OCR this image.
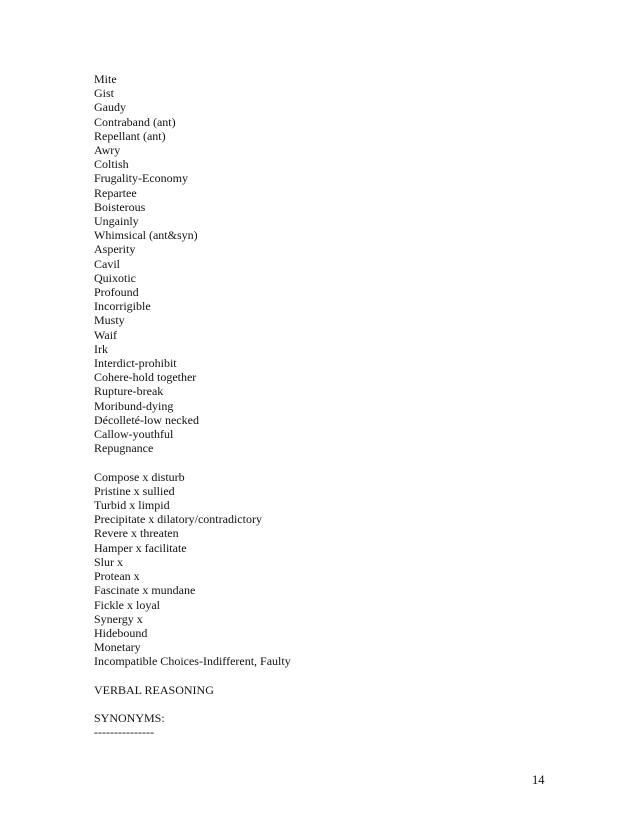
Mite
Gist
Gaudy
Contraband (ant)
Repellant (ant)
Awry
Coltish
Frugality-Economy
Repartee
Boisterous
Ungainly
Whimsical (ant&syn)
Asperity
Cavil
Quixotic
Profound
Incorrigible
Musty
Waif
Irk
Interdict-prohibit
Cohere-hold together
Rupture-break
Moribund-dying
Décolleté-low necked
Callow-youthful
Repugnance
Compose x disturb
Pristine x sullied
Turbid x limpid
Precipitate x dilatory/contradictory
Revere x threaten
Hamper x facilitate
Slur x
Protean x
Fascinate x mundane
Fickle x loyal
Synergy x
Hidebound
Monetary
Incompatible Choices-Indifferent, Faulty
VERBAL REASONING
SYNONYMS:
---------------
14
